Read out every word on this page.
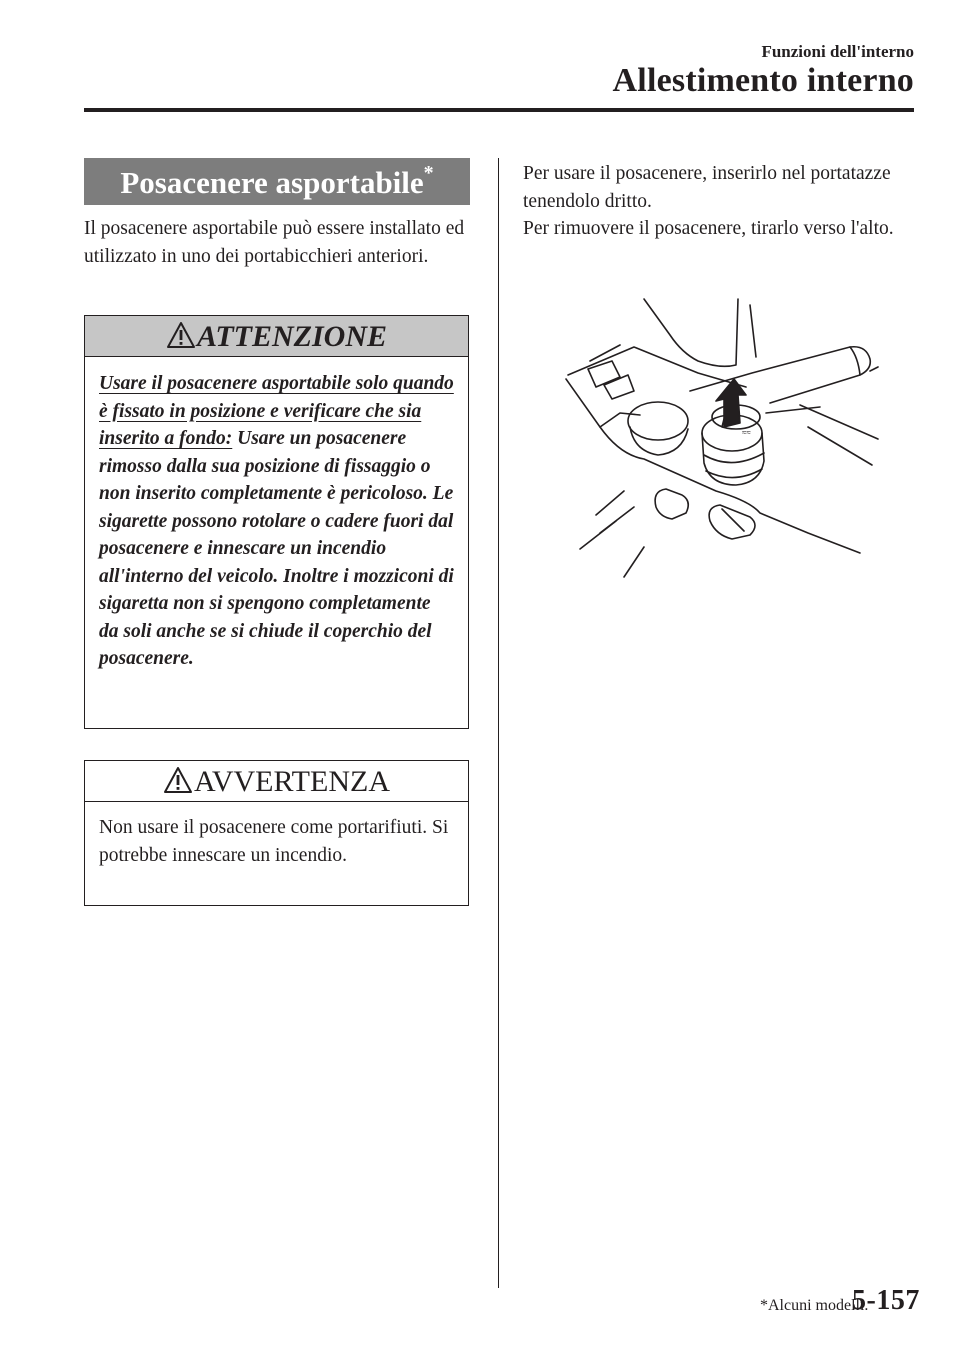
Funzioni dell'interno
Allestimento interno
Posacenere asportabile*

Il posacenere asportabile può essere installato ed utilizzato in uno dei portabicchieri anteriori.

ATTENZIONE
Usare il posacenere asportabile solo quando è fissato in posizione e verificare che sia inserito a fondo: Usare un posacenere rimosso dalla sua posizione di fissaggio o non inserito completamente è pericoloso. Le sigarette possono rotolare o cadere fuori dal posacenere e innescare un incendio all'interno del veicolo. Inoltre i mozziconi di sigaretta non si spengono completamente da soli anche se si chiude il coperchio del posacenere.
AVVERTENZA
Non usare il posacenere come portarifiuti. Si potrebbe innescare un incendio.

Per usare il posacenere, inserirlo nel portatazze tenendolo dritto.
Per rimuovere il posacenere, tirarlo verso l'alto.

≈≈
*Alcuni modelli.
5-157
